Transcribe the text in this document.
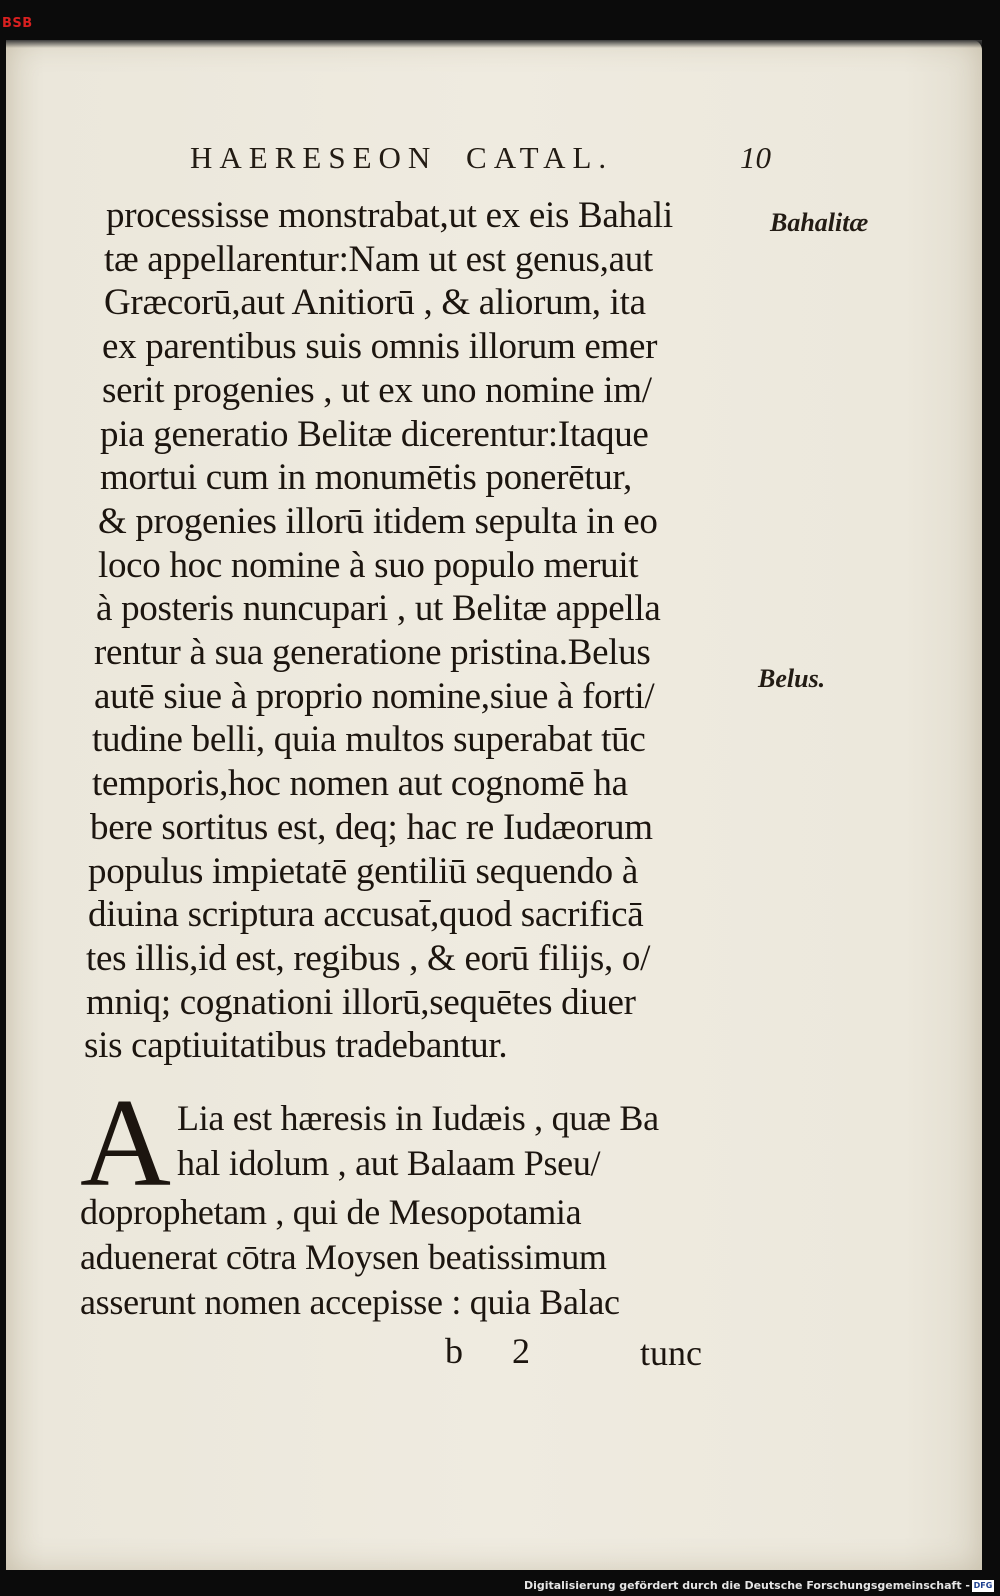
BSB
HAERESEON CATAL.	10
Bahalitæ
Belus.
processisse monstrabat,ut ex eis Bahali
tæ appellarentur:Nam ut est genus,aut
Græcorū,aut Anitiorū , & aliorum, ita
ex parentibus suis omnis illorum emer
serit progenies , ut ex uno nomine im/
pia generatio Belitæ dicerentur:Itaque
mortui cum in monumētis ponerētur,
& progenies illorū itidem sepulta in eo
loco hoc nomine à suo populo meruit
à posteris nuncupari , ut Belitæ appella
rentur à sua generatione pristina.Belus
autē siue à proprio nomine,siue à forti/
tudine belli, quia multos superabat tūc
temporis,hoc nomen aut cognomē ha
bere sortitus est, deq; hac re Iudæorum
populus impietatē gentiliū sequendo à
diuina scriptura accusat̄,quod sacrificā
tes illis,id est, regibus , & eorū filijs, o/
mniq; cognationi illorū,sequētes diuer
sis captiuitatibus tradebantur.
A Lia est hæresis in Iudæis , quæ Ba
hal idolum , aut Balaam Pseu/
doprophetam , qui de Mesopotamia
aduenerat cōtra Moysen beatissimum
asserunt nomen accepisse : quia Balac
b 2	tunc
Digitalisierung gefördert durch die Deutsche Forschungsgemeinschaft - DFG
